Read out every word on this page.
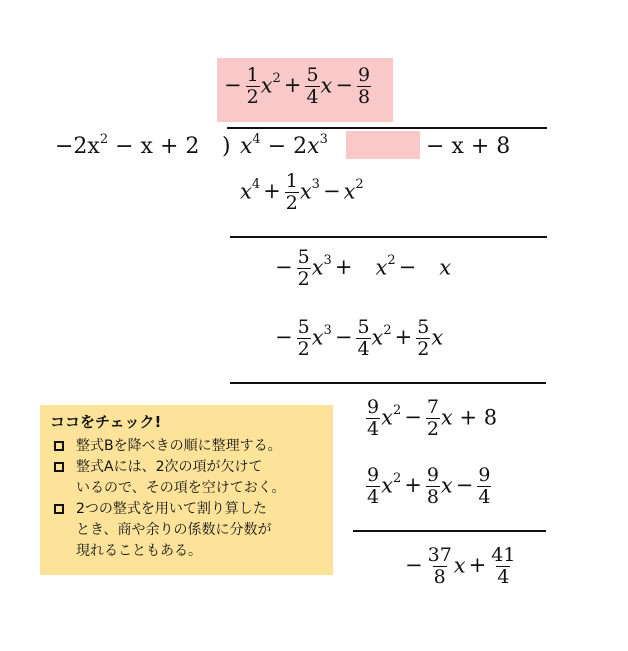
− $\frac{1}{2} x^2 + \frac{5}{4}$ $x - \frac{9}{8}$
$-2x^2 - x + 2$ ) $x^4 - 2x^3$	− x + 8
$x^4 + \frac{1}{2} x^3 - x^2$
− $\frac{5}{2} x^3 + x^2 - x$
− $\frac{5}{2} x^3 - \frac{5}{4} x^2 + \frac{5}{2}$ x
$\frac{9}{4} x^2 - \frac{7}{2}$ x + 8
$\frac{9}{4} x^2 + \frac{9}{8}$ $x - \frac{9}{4}$
− $\frac{37}{8}$ $x + \frac{41}{4}$
ココをチェック!
整式Bを降べきの順に整理する。
整式Aには、2次の項が欠けて
いるので、その項を空けておく。
2つの整式を用いて割り算した
とき、商や余りの係数に分数が
現れることもある。
